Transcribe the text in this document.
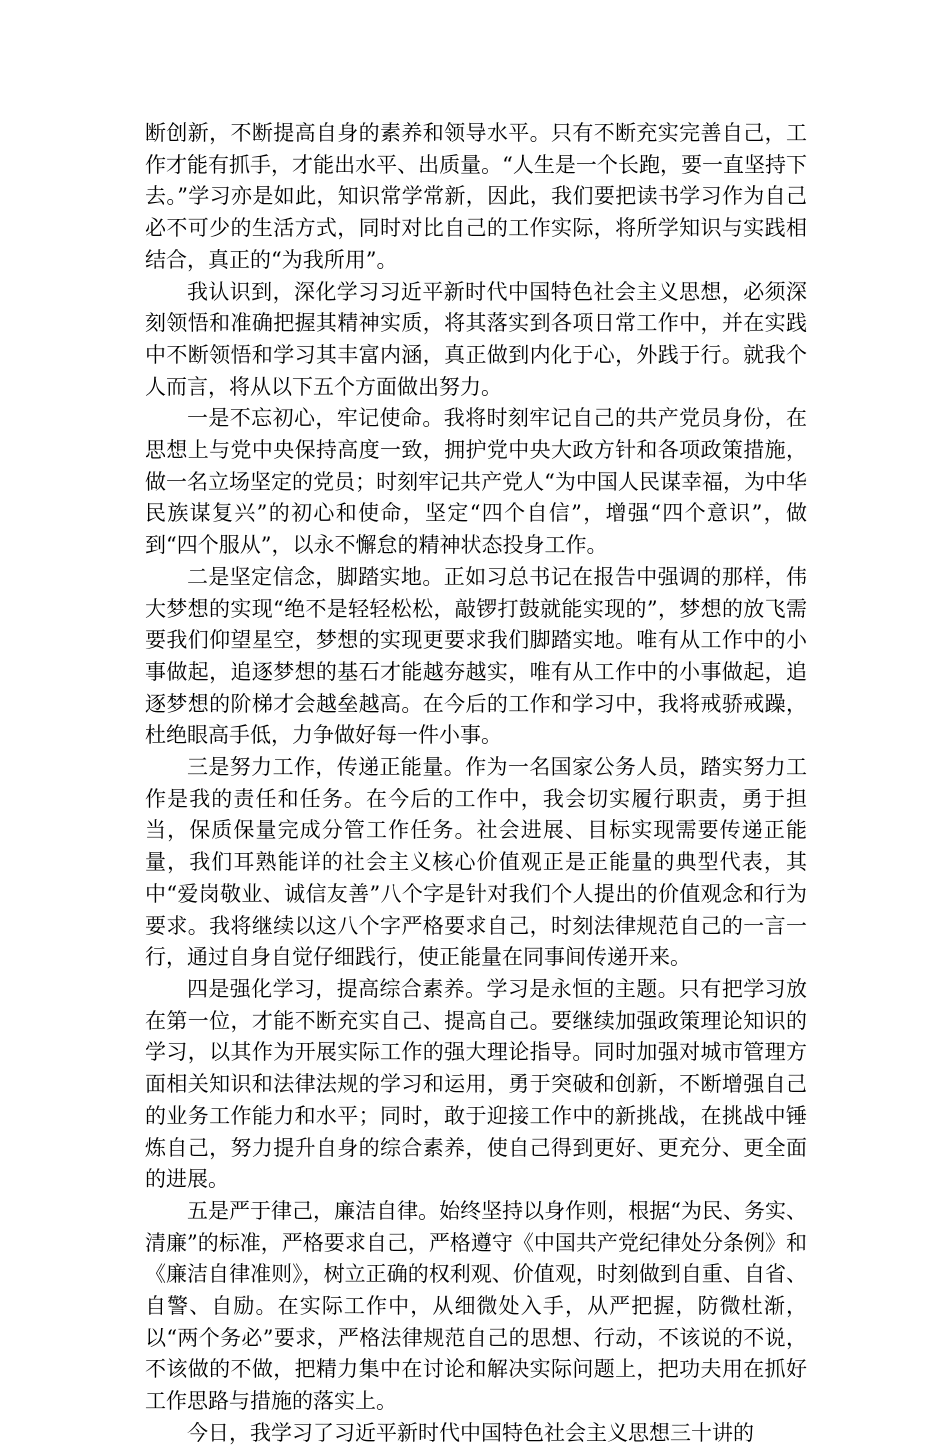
断创新，不断提高自身的素养和领导水平。只有不断充实完善自己，工作才能有抓手，才能出水平、出质量。“人生是一个长跑，要一直坚持下去。”学习亦是如此，知识常学常新，因此，我们要把读书学习作为自己必不可少的生活方式，同时对比自己的工作实际，将所学知识与实践相结合，真正的“为我所用”。

我认识到，深化学习习近平新时代中国特色社会主义思想，必须深刻领悟和准确把握其精神实质，将其落实到各项日常工作中，并在实践中不断领悟和学习其丰富内涵，真正做到内化于心，外践于行。就我个人而言，将从以下五个方面做出努力。

一是不忘初心，牢记使命。我将时刻牢记自己的共产党员身份，在思想上与党中央保持高度一致，拥护党中央大政方针和各项政策措施，做一名立场坚定的党员；时刻牢记共产党人“为中国人民谋幸福，为中华民族谋复兴”的初心和使命，坚定“四个自信”，增强“四个意识”，做到“四个服从”，以永不懈怠的精神状态投身工作。

二是坚定信念，脚踏实地。正如习总书记在报告中强调的那样，伟大梦想的实现“绝不是轻轻松松，敲锣打鼓就能实现的”，梦想的放飞需要我们仰望星空，梦想的实现更要求我们脚踏实地。唯有从工作中的小事做起，追逐梦想的基石才能越夯越实，唯有从工作中的小事做起，追逐梦想的阶梯才会越垒越高。在今后的工作和学习中，我将戒骄戒躁，杜绝眼高手低，力争做好每一件小事。

三是努力工作，传递正能量。作为一名国家公务人员，踏实努力工作是我的责任和任务。在今后的工作中，我会切实履行职责，勇于担当，保质保量完成分管工作任务。社会进展、目标实现需要传递正能量，我们耳熟能详的社会主义核心价值观正是正能量的典型代表，其中“爱岗敬业、诚信友善”八个字是针对我们个人提出的价值观念和行为要求。我将继续以这八个字严格要求自己，时刻法律规范自己的一言一行，通过自身自觉仔细践行，使正能量在同事间传递开来。

四是强化学习，提高综合素养。学习是永恒的主题。只有把学习放在第一位，才能不断充实自己、提高自己。要继续加强政策理论知识的学习，以其作为开展实际工作的强大理论指导。同时加强对城市管理方面相关知识和法律法规的学习和运用，勇于突破和创新，不断增强自己的业务工作能力和水平；同时，敢于迎接工作中的新挑战，在挑战中锤炼自己，努力提升自身的综合素养，使自己得到更好、更充分、更全面的进展。

五是严于律己，廉洁自律。始终坚持以身作则，根据“为民、务实、清廉”的标准，严格要求自己，严格遵守《中国共产党纪律处分条例》和《廉洁自律准则》，树立正确的权利观、价值观，时刻做到自重、自省、自警、自励。在实际工作中，从细微处入手，从严把握，防微杜渐，以“两个务必”要求，严格法律规范自己的思想、行动，不该说的不说，不该做的不做，把精力集中在讨论和解决实际问题上，把功夫用在抓好工作思路与措施的落实上。

今日，我学习了习近平新时代中国特色社会主义思想三十讲的
